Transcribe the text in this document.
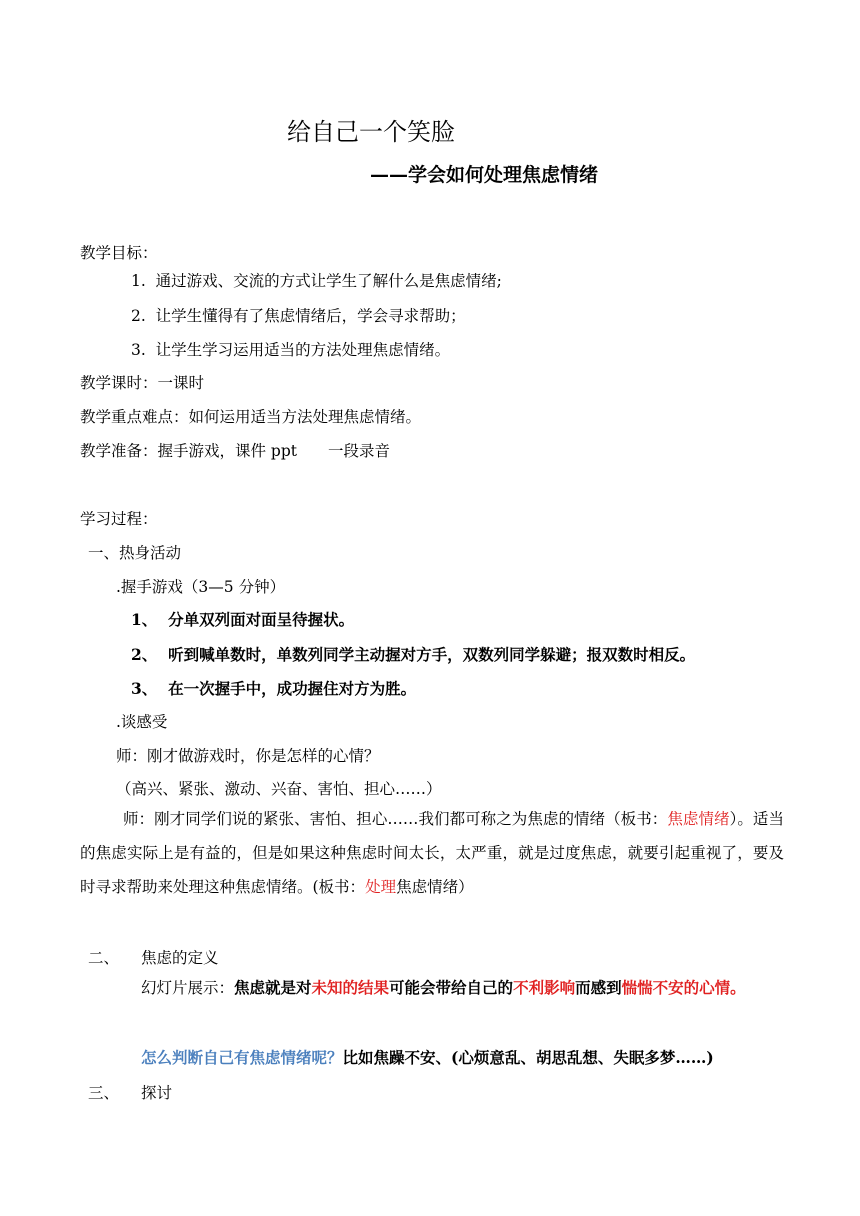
给自己一个笑脸
——学会如何处理焦虑情绪
教学目标：
1. 通过游戏、交流的方式让学生了解什么是焦虑情绪;
2. 让学生懂得有了焦虑情绪后，学会寻求帮助；
3. 让学生学习运用适当的方法处理焦虑情绪。
教学课时：一课时
教学重点难点：如何运用适当方法处理焦虑情绪。
教学准备：握手游戏，课件 ppt　　一段录音
学习过程：
一、热身活动
.握手游戏（3—5 分钟）
1、 分单双列面对面呈待握状。
2、 听到喊单数时，单数列同学主动握对方手，双数列同学躲避；报双数时相反。
3、 在一次握手中，成功握住对方为胜。
.谈感受
师：刚才做游戏时，你是怎样的心情？
（高兴、紧张、激动、兴奋、害怕、担心……）
师：刚才同学们说的紧张、害怕、担心……我们都可称之为焦虑的情绪（板书：焦虑情绪）。适当的焦虑实际上是有益的，但是如果这种焦虑时间太长，太严重，就是过度焦虑，就要引起重视了，要及时寻求帮助来处理这种焦虑情绪。(板书：处理焦虑情绪）
二、 焦虑的定义
幻灯片展示：焦虑就是对未知的结果可能会带给自己的不利影响而感到惴惴不安的心情。
怎么判断自己有焦虑情绪呢？比如焦躁不安、(心烦意乱、胡思乱想、失眠多梦……)
三、 探讨
